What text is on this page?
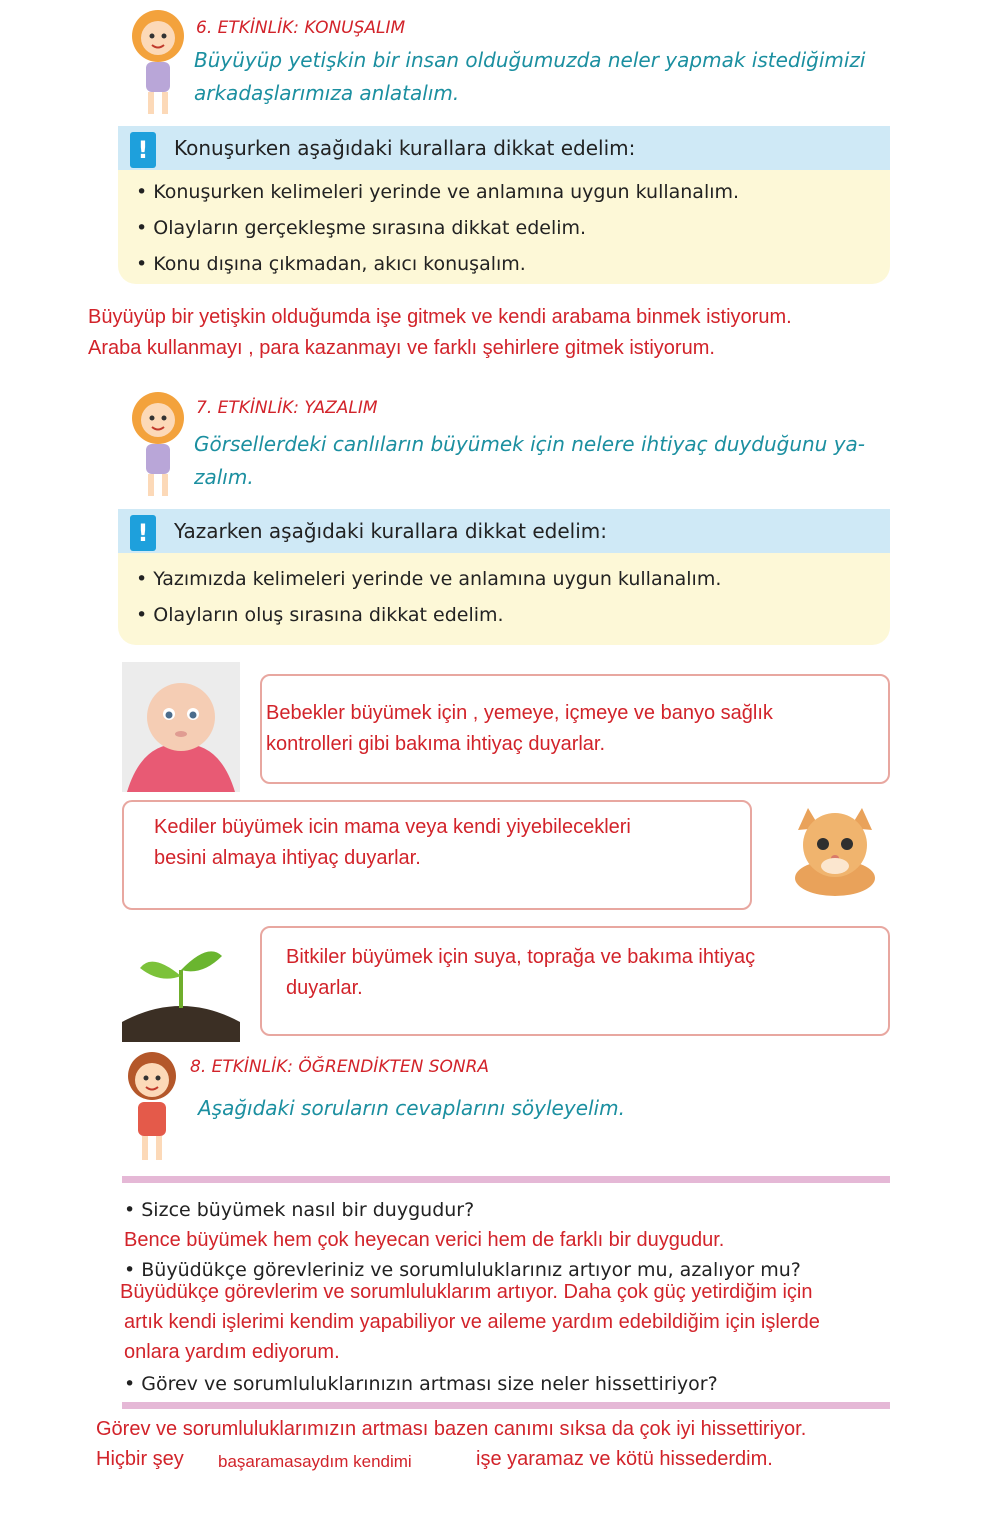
6. ETKİNLİK: KONUŞALIM
Büyüyüp yetişkin bir insan olduğumuzda neler yapmak istediğimizi
arkadaşlarımıza anlatalım.
Konuşurken aşağıdaki kurallara dikkat edelim:
• Konuşurken kelimeleri yerinde ve anlamına uygun kullanalım.
• Olayların gerçekleşme sırasına dikkat edelim.
• Konu dışına çıkmadan, akıcı konuşalım.
!
Büyüyüp bir yetişkin olduğumda işe gitmek ve kendi arabama binmek istiyorum.
Araba kullanmayı , para kazanmayı ve farklı şehirlere gitmek istiyorum.
7. ETKİNLİK: YAZALIM
Görsellerdeki canlıların büyümek için nelere ihtiyaç duyduğunu ya-
zalım.
Yazarken aşağıdaki kurallara dikkat edelim:
• Yazımızda kelimeleri yerinde ve anlamına uygun kullanalım.
• Olayların oluş sırasına dikkat edelim.
!
Bebekler büyümek için , yemeye, içmeye ve banyo sağlık
kontrolleri gibi bakıma ihtiyaç duyarlar.
Kediler büyümek icin mama veya kendi yiyebilecekleri
besini almaya ihtiyaç duyarlar.
Bitkiler büyümek için suya, toprağa ve bakıma ihtiyaç
duyarlar.
8. ETKİNLİK: ÖĞRENDİKTEN SONRA
Aşağıdaki soruların cevaplarını söyleyelim.
• Sizce büyümek nasıl bir duygudur?
Bence büyümek hem çok heyecan verici hem de farklı bir duygudur.
• Büyüdükçe görevleriniz ve sorumluluklarınız artıyor mu, azalıyor mu?
Büyüdükçe görevlerim ve sorumluluklarım artıyor. Daha çok güç yetirdiğim için
artık kendi işlerimi kendim yapabiliyor ve aileme yardım edebildiğim için işlerde
onlara yardım ediyorum.
• Görev ve sorumluluklarınızın artması size neler hissettiriyor?
Görev ve sorumluluklarımızın artması bazen canımı sıksa da çok iyi hissettiriyor.
Hiçbir şey başaramasaydım kendimi	işe yaramaz ve kötü hissederdim.
